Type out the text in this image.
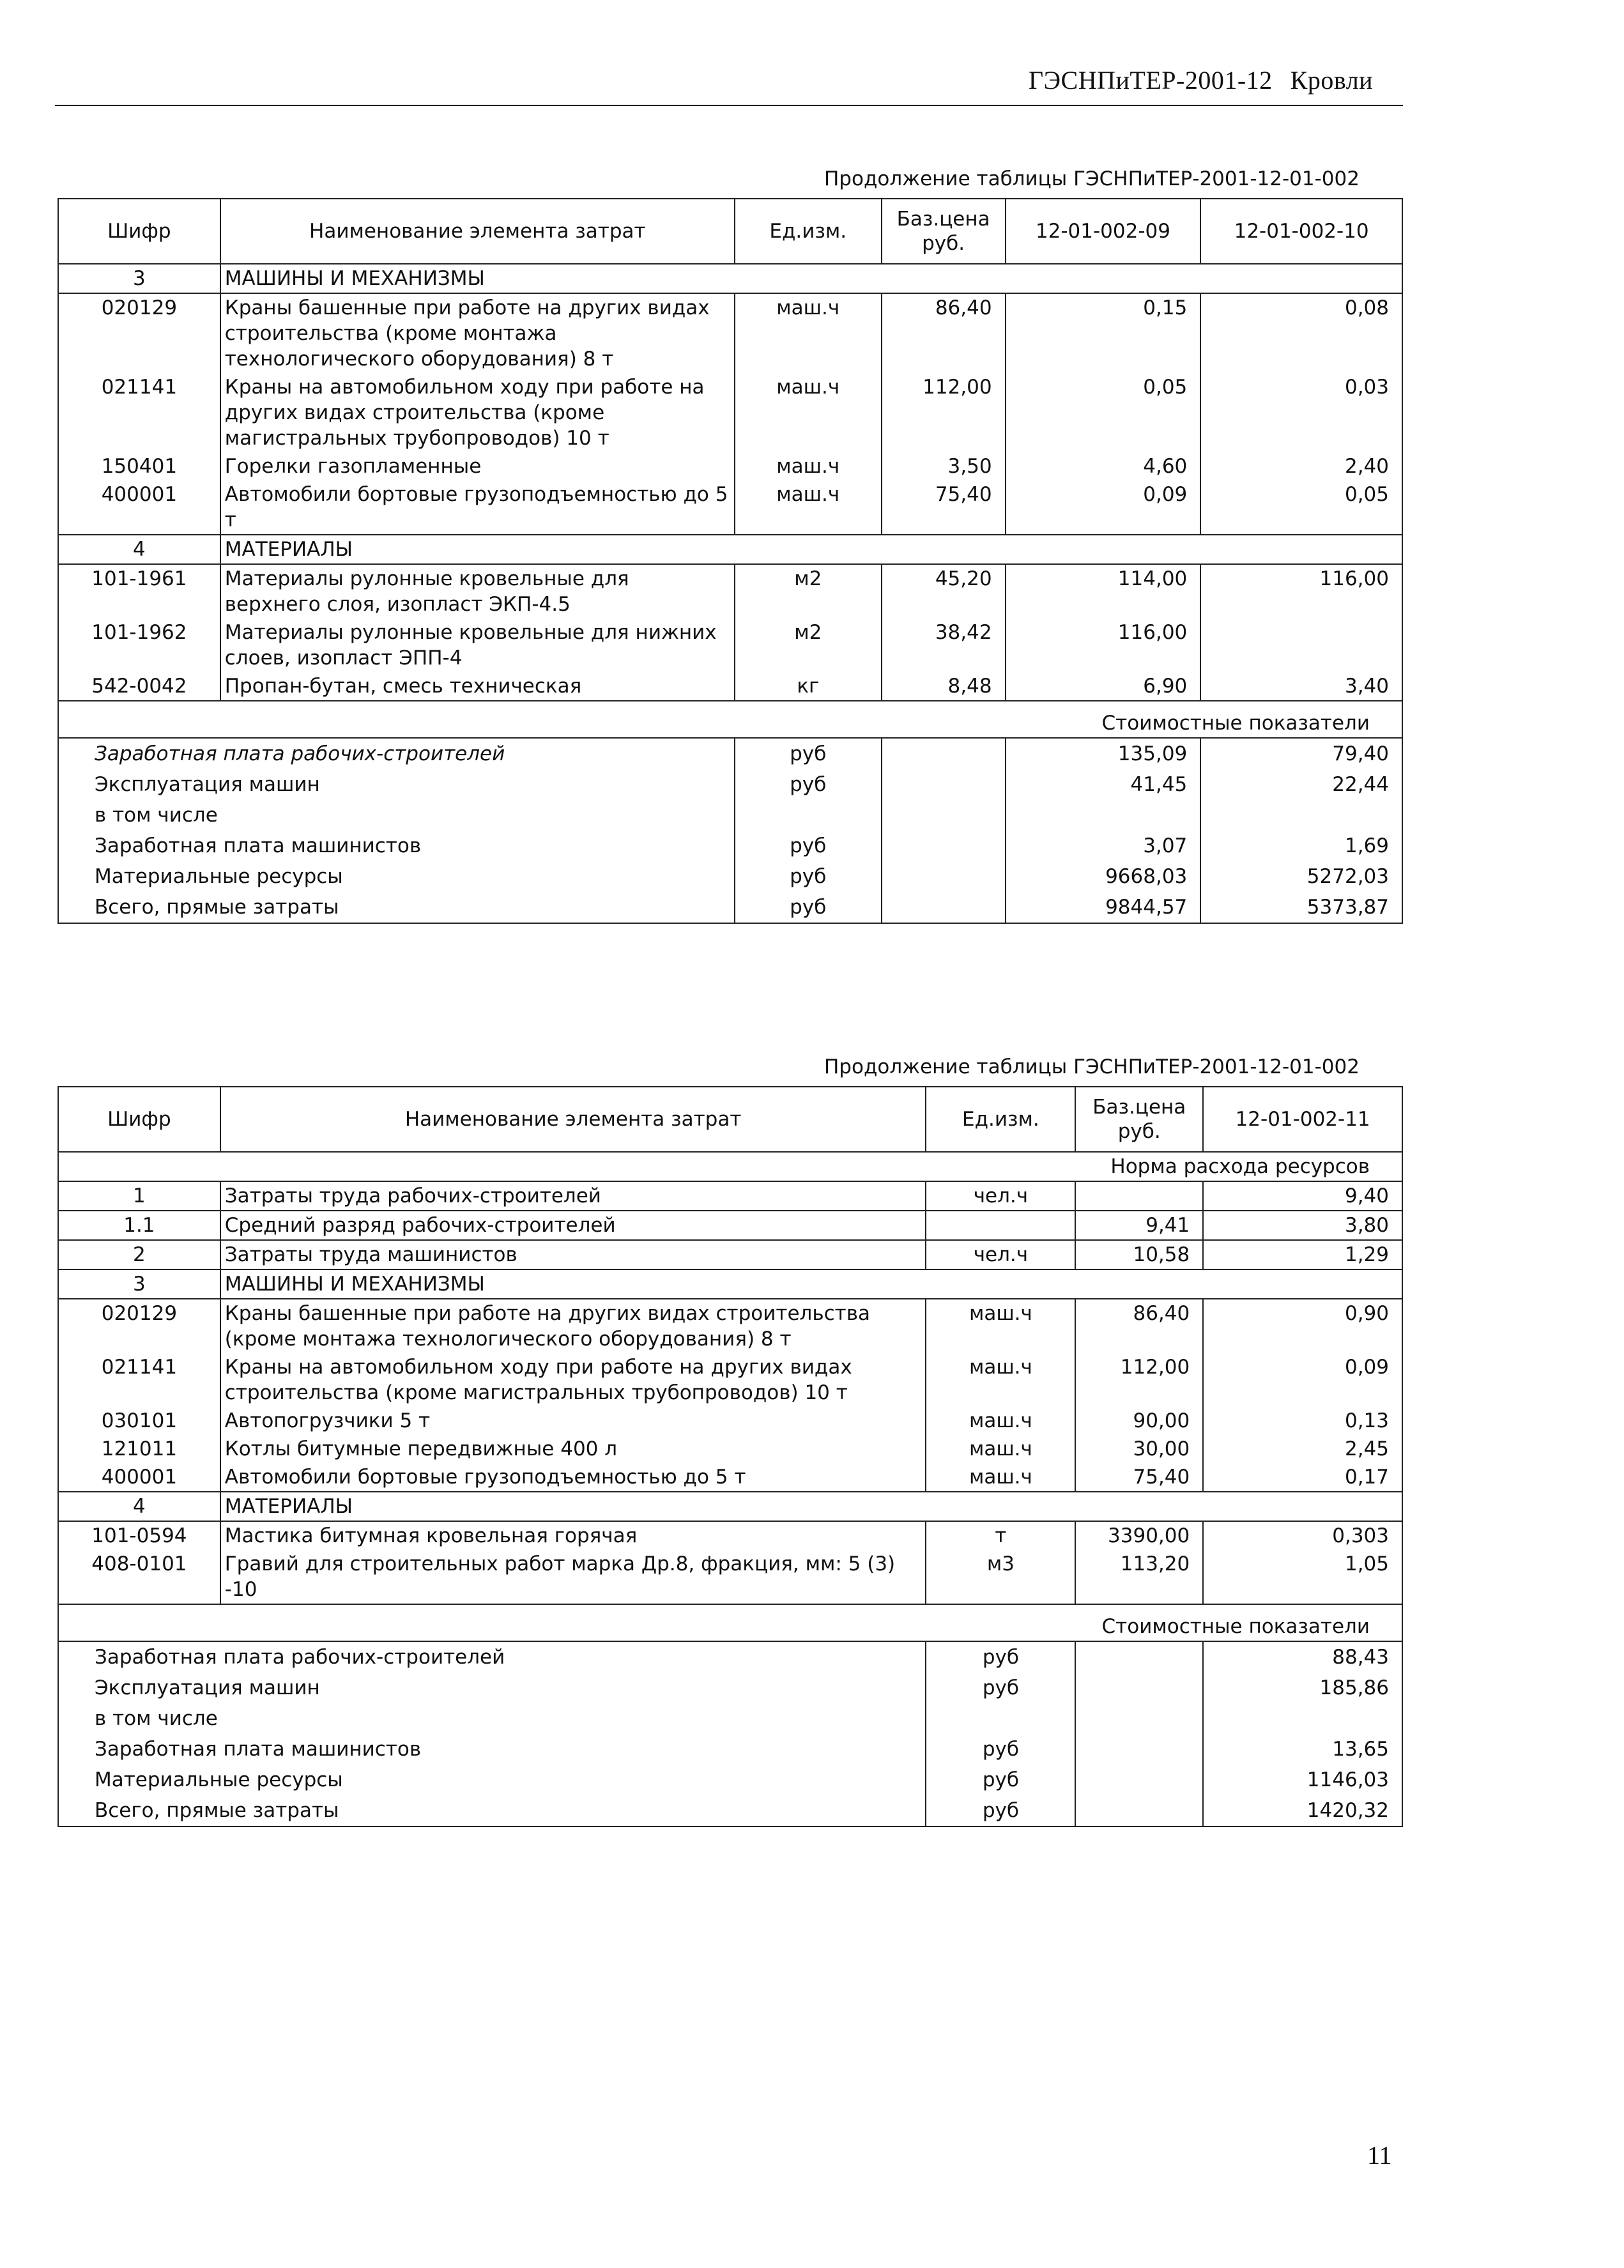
ГЭСНПиТЕР-2001-12 Кровли
Продолжение таблицы ГЭСНПиТЕР-2001-12-01-002
Шифр	Наименование элемента затрат	Ед.изм.	Баз.цена руб.	12-01-002-09	12-01-002-10
3	МАШИНЫ И МЕХАНИЗМЫ				
020129	Краны башенные при работе на других видах строительства (кроме монтажа технологического оборудования) 8 т	маш.ч	86,40	0,15	0,08
021141	Краны на автомобильном ходу при работе на других видах строительства (кроме магистральных трубопроводов) 10 т	маш.ч	112,00	0,05	0,03
150401	Горелки газопламенные	маш.ч	3,50	4,60	2,40
400001	Автомобили бортовые грузоподъемностью до 5 т	маш.ч	75,40	0,09	0,05
4	МАТЕРИАЛЫ				
101-1961	Материалы рулонные кровельные для верхнего слоя, изопласт ЭКП-4.5	м2	45,20	114,00	116,00
101-1962	Материалы рулонные кровельные для нижних слоев, изопласт ЭПП-4	м2	38,42	116,00	
542-0042	Пропан-бутан, смесь техническая	кг	8,48	6,90	3,40
Стоимостные показатели					
Заработная плата рабочих-строителей		руб		135,09	79,40
Эксплуатация машин		руб		41,45	22,44
в том числе					
Заработная плата машинистов		руб		3,07	1,69
Материальные ресурсы		руб		9668,03	5272,03
Всего, прямые затраты		руб		9844,57	5373,87
Продолжение таблицы ГЭСНПиТЕР-2001-12-01-002
Шифр	Наименование элемента затрат	Ед.изм.	Баз.цена руб.	12-01-002-11
Норма расхода ресурсов				
1	Затраты труда рабочих-строителей	чел.ч		9,40
1.1	Средний разряд рабочих-строителей		9,41	3,80
2	Затраты труда машинистов	чел.ч	10,58	1,29
3	МАШИНЫ И МЕХАНИЗМЫ			
020129	Краны башенные при работе на других видах строительства (кроме монтажа технологического оборудования) 8 т	маш.ч	86,40	0,90
021141	Краны на автомобильном ходу при работе на других видах строительства (кроме магистральных трубопроводов) 10 т	маш.ч	112,00	0,09
030101	Автопогрузчики 5 т	маш.ч	90,00	0,13
121011	Котлы битумные передвижные 400 л	маш.ч	30,00	2,45
400001	Автомобили бортовые грузоподъемностью до 5 т	маш.ч	75,40	0,17
4	МАТЕРИАЛЫ			
101-0594	Мастика битумная кровельная горячая	т	3390,00	0,303
408-0101	Гравий для строительных работ марка Др.8, фракция, мм: 5 (3) -10	м3	113,20	1,05
Стоимостные показатели				
Заработная плата рабочих-строителей		руб		88,43
Эксплуатация машин		руб		185,86
в том числе				
Заработная плата машинистов		руб		13,65
Материальные ресурсы		руб		1146,03
Всего, прямые затраты		руб		1420,32
11
